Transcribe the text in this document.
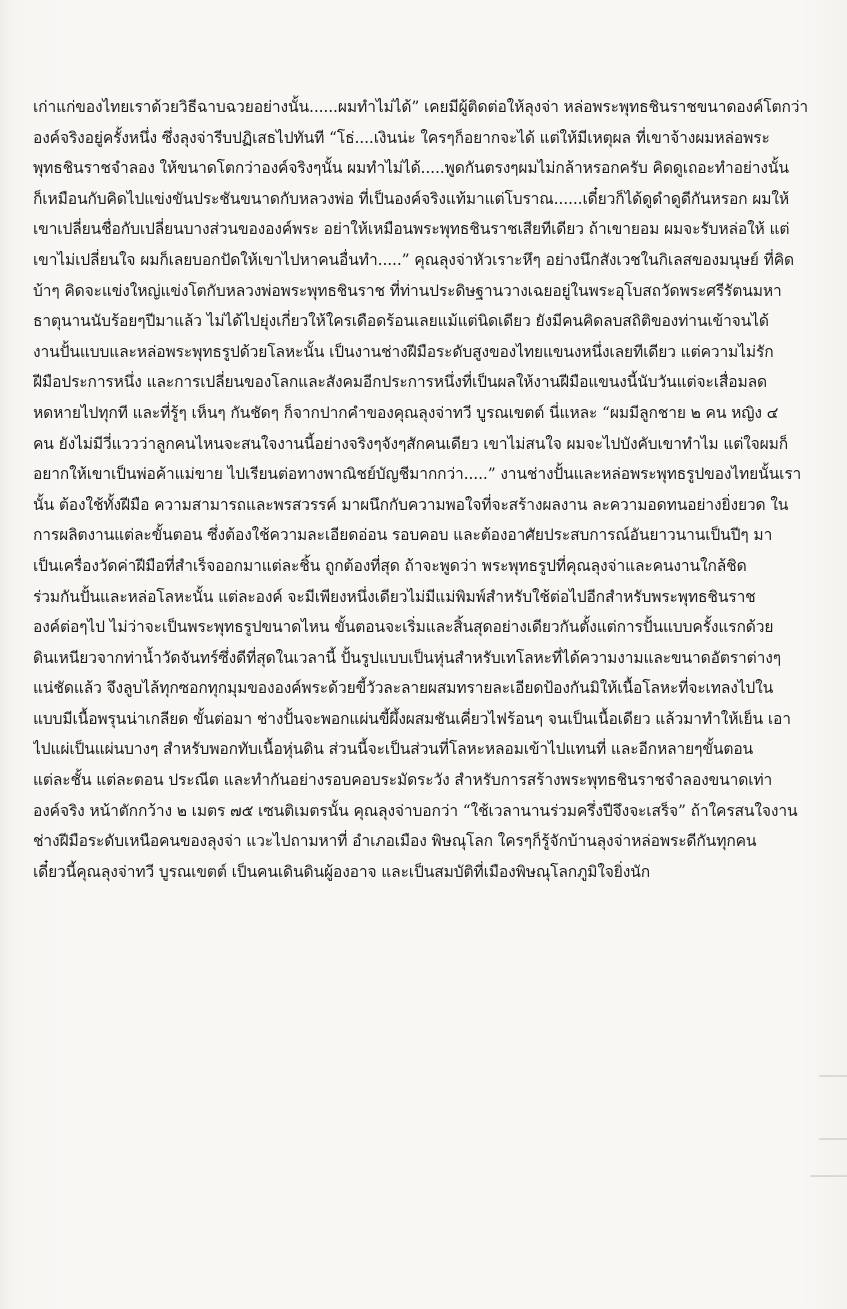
เก่าแก่ของไทยเราด้วยวิธีฉาบฉวยอย่างนั้น......ผมทำไม่ได้” เคยมีผู้ติดต่อให้ลุงจ่า หล่อพระพุทธชินราชขนาดองค์โตกว่า
องค์จริงอยู่ครั้งหนึ่ง ซึ่งลุงจ่ารีบปฏิเสธไปทันที “โธ่....เงินน่ะ ใครๆก็อยากจะได้ แต่ให้มีเหตุผล ที่เขาจ้างผมหล่อพระ
พุทธชินราชจำลอง ให้ขนาดโตกว่าองค์จริงๆนั้น ผมทำไม่ได้.....พูดกันตรงๆผมไม่กล้าหรอกครับ คิดดูเถอะทำอย่างนั้น
ก็เหมือนกับคิดไปแข่งขันประชันขนาดกับหลวงพ่อ ที่เป็นองค์จริงแท้มาแต่โบราณ......เดี๋ยวก็ได้ดูดำดูดีกันหรอก ผมให้
เขาเปลี่ยนชื่อกับเปลี่ยนบางส่วนขององค์พระ อย่าให้เหมือนพระพุทธชินราชเสียทีเดียว ถ้าเขายอม ผมจะรับหล่อให้ แต่
เขาไม่เปลี่ยนใจ ผมก็เลยบอกปัดให้เขาไปหาคนอื่นทำ.....” คุณลุงจ่าหัวเราะหึๆ อย่างนึกสังเวชในกิเลสของมนุษย์ ที่คิด
บ้าๆ คิดจะแข่งใหญ่แข่งโตกับหลวงพ่อพระพุทธชินราช ที่ท่านประดิษฐานวางเฉยอยู่ในพระอุโบสถวัดพระศรีรัตนมหา
ธาตุนานนับร้อยๆปีมาแล้ว ไม่ได้ไปยุ่งเกี่ยวให้ใครเดือดร้อนเลยแม้แต่นิดเดียว ยังมีคนคิดลบสถิติของท่านเข้าจนได้
งานปั้นแบบและหล่อพระพุทธรูปด้วยโลหะนั้น เป็นงานช่างฝีมือระดับสูงของไทยแขนงหนึ่งเลยทีเดียว แต่ความไม่รัก
ฝีมือประการหนึ่ง และการเปลี่ยนของโลกและสังคมอีกประการหนึ่งที่เป็นผลให้งานฝีมือแขนงนี้นับวันแต่จะเสื่อมลด
หดหายไปทุกที และที่รู้ๆ เห็นๆ กันชัดๆ ก็จากปากคำของคุณลุงจ่าทวี บูรณเขตต์ นี่แหละ “ผมมีลูกชาย ๒ คน หญิง ๔
คน ยังไม่มีวี่แววว่าลูกคนไหนจะสนใจงานนี้อย่างจริงๆจังๆสักคนเดียว เขาไม่สนใจ ผมจะไปบังคับเขาทำไม แต่ใจผมก็
อยากให้เขาเป็นพ่อค้าแม่ขาย ไปเรียนต่อทางพาณิชย์บัญชีมากกว่า.....” งานช่างปั้นและหล่อพระพุทธรูปของไทยนั้นเรา
นั้น ต้องใช้ทั้งฝีมือ ความสามารถและพรสวรรค์ มาผนึกกับความพอใจที่จะสร้างผลงาน ละความอดทนอย่างยิ่งยวด ใน
การผลิตงานแต่ละขั้นตอน ซึ่งต้องใช้ความละเอียดอ่อน รอบคอบ และต้องอาศัยประสบการณ์อันยาวนานเป็นปีๆ มา
เป็นเครื่องวัดค่าฝีมือที่สำเร็จออกมาแต่ละชิ้น ถูกต้องที่สุด ถ้าจะพูดว่า พระพุทธรูปที่คุณลุงจ่าและคนงานใกล้ชิด
ร่วมกันปั้นและหล่อโลหะนั้น แต่ละองค์ จะมีเพียงหนึ่งเดียวไม่มีแม่พิมพ์สำหรับใช้ต่อไปอีกสำหรับพระพุทธชินราช
องค์ต่อๆไป ไม่ว่าจะเป็นพระพุทธรูปขนาดไหน ขั้นตอนจะเริ่มและสิ้นสุดอย่างเดียวกันตั้งแต่การปั้นแบบครั้งแรกด้วย
ดินเหนียวจากท่าน้ำวัดจันทร์ซึ่งดีที่สุดในเวลานี้ ปั้นรูปแบบเป็นหุ่นสำหรับเทโลหะที่ได้ความงามและขนาดอัตราต่างๆ
แน่ชัดแล้ว จึงลูบไล้ทุกซอกทุกมุมขององค์พระด้วยขี้วัวละลายผสมทรายละเอียดป้องกันมิให้เนื้อโลหะที่จะเทลงไปใน
แบบมีเนื้อพรุนน่าเกลียด ขั้นต่อมา ช่างปั้นจะพอกแผ่นขี้ผึ้งผสมชันเคี่ยวไฟร้อนๆ จนเป็นเนื้อเดียว แล้วมาทำให้เย็น เอา
ไปแผ่เป็นแผ่นบางๆ สำหรับพอกทับเนื้อหุ่นดิน ส่วนนี้จะเป็นส่วนที่โลหะหลอมเข้าไปแทนที่ และอีกหลายๆขั้นตอน
แต่ละชั้น แต่ละตอน ประณีต และทำกันอย่างรอบคอบระมัดระวัง สำหรับการสร้างพระพุทธชินราชจำลองขนาดเท่า
องค์จริง หน้าตักกว้าง ๒ เมตร ๗๕ เซนติเมตรนั้น คุณลุงจ่าบอกว่า “ใช้เวลานานร่วมครึ่งปีจึงจะเสร็จ” ถ้าใครสนใจงาน
ช่างฝีมือระดับเหนือคนของลุงจ่า แวะไปถามหาที่ อำเภอเมือง พิษณุโลก ใครๆก็รู้จักบ้านลุงจ่าหล่อพระดีกันทุกคน
เดี๋ยวนี้คุณลุงจ่าทวี บูรณเขตต์ เป็นคนเดินดินผู้องอาจ และเป็นสมบัติที่เมืองพิษณุโลกภูมิใจยิ่งนัก
▁▁▁
▁▁▁
▁▁▁▁
